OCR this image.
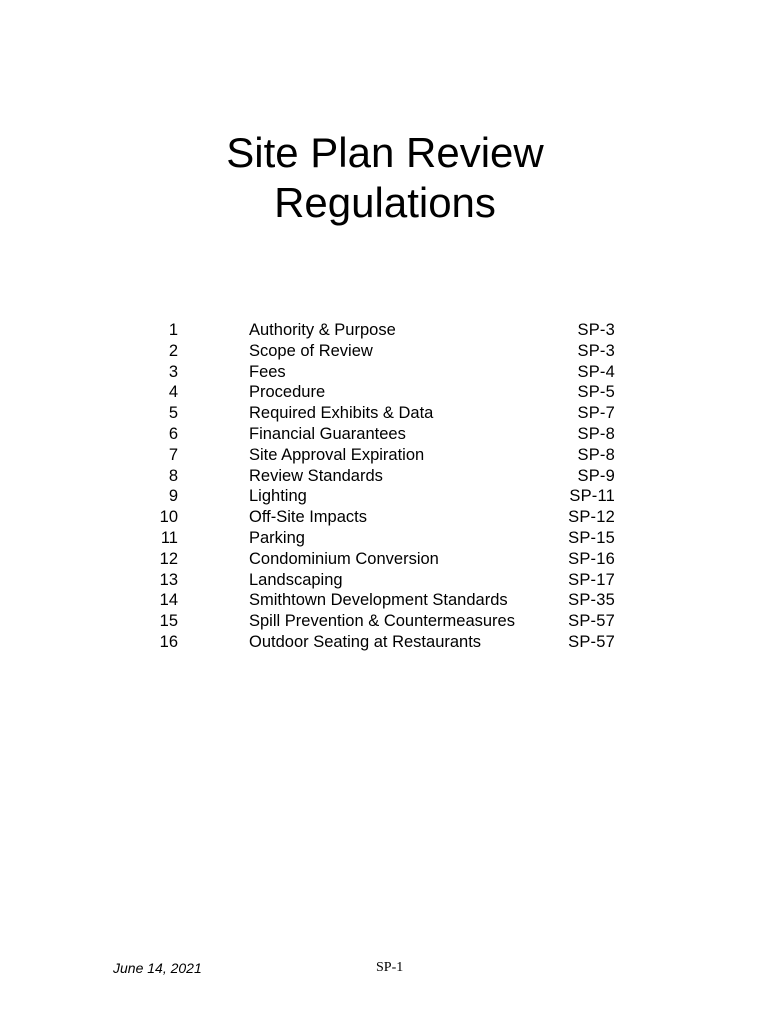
Site Plan Review
Regulations
1	Authority & Purpose	SP-3
2	Scope of Review	SP-3
3	Fees	SP-4
4	Procedure	SP-5
5	Required Exhibits & Data	SP-7
6	Financial Guarantees	SP-8
7	Site Approval Expiration	SP-8
8	Review Standards	SP-9
9	Lighting	SP-11
10	Off-Site Impacts	SP-12
11	Parking	SP-15
12	Condominium Conversion	SP-16
13	Landscaping	SP-17
14	Smithtown Development Standards	SP-35
15	Spill Prevention & Countermeasures	SP-57
16	Outdoor Seating at Restaurants	SP-57
June 14, 2021	SP-1
